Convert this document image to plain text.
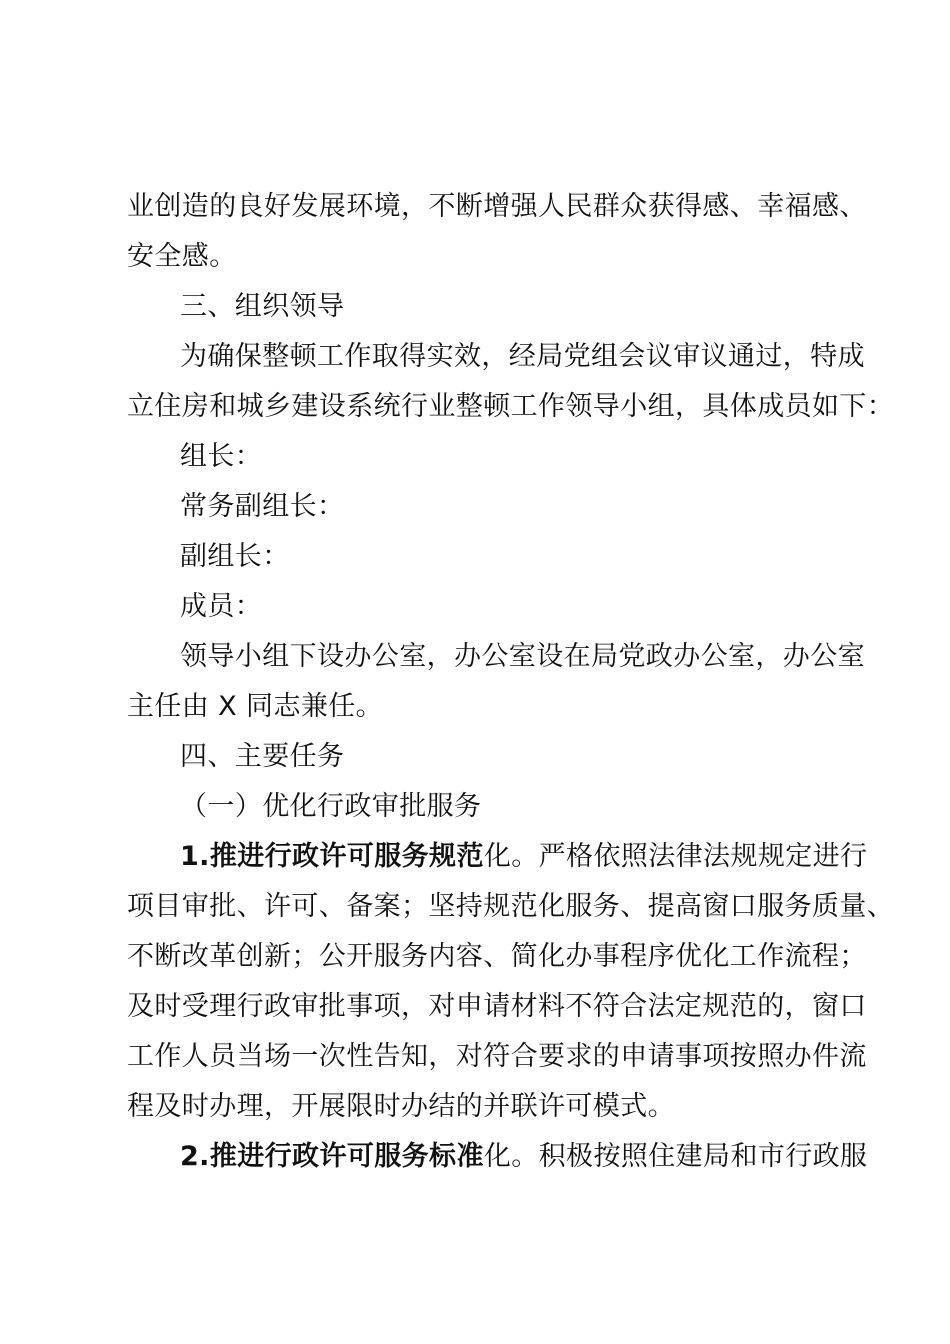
业创造的良好发展环境，不断增强人民群众获得感、幸福感、
安全感。
三、组织领导
为确保整顿工作取得实效，经局党组会议审议通过，特成
立住房和城乡建设系统行业整顿工作领导小组，具体成员如下：
组长：
常务副组长：
副组长：
成员：
领导小组下设办公室，办公室设在局党政办公室，办公室
主任由 X 同志兼任。
四、主要任务
（一）优化行政审批服务
1.推进行政许可服务规范化。严格依照法律法规规定进行
项目审批、许可、备案；坚持规范化服务、提高窗口服务质量、
不断改革创新；公开服务内容、简化办事程序优化工作流程；
及时受理行政审批事项，对申请材料不符合法定规范的，窗口
工作人员当场一次性告知，对符合要求的申请事项按照办件流
程及时办理，开展限时办结的并联许可模式。
2.推进行政许可服务标准化。积极按照住建局和市行政服
